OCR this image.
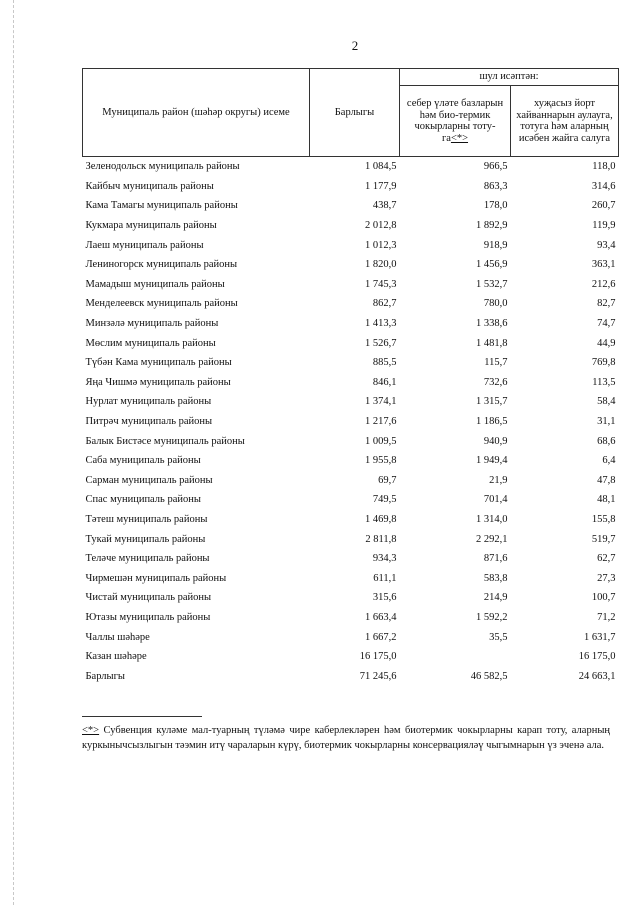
2
Муниципаль район (шәһәр округы) исеме	Барлыгы	шул исәптән:	
		себер үләте базларын һәм био-термик чокырларны тоту-га<*>	хуҗасыз йорт хайваннарын аулауга, тотуга һәм аларның исәбен жайга салуга
Зеленодольск муниципаль районы	1 084,5	966,5	118,0
Кайбыч муниципаль районы	1 177,9	863,3	314,6
Кама Тамагы муниципаль районы	438,7	178,0	260,7
Кукмара муниципаль районы	2 012,8	1 892,9	119,9
Лаеш муниципаль районы	1 012,3	918,9	93,4
Лениногорск муниципаль районы	1 820,0	1 456,9	363,1
Мамадыш муниципаль районы	1 745,3	1 532,7	212,6
Менделеевск муниципаль районы	862,7	780,0	82,7
Минзәлә муниципаль районы	1 413,3	1 338,6	74,7
Мөслим муниципаль районы	1 526,7	1 481,8	44,9
Түбән Кама муниципаль районы	885,5	115,7	769,8
Яңа Чишмә муниципаль районы	846,1	732,6	113,5
Нурлат муниципаль районы	1 374,1	1 315,7	58,4
Питрәч муниципаль районы	1 217,6	1 186,5	31,1
Балык Бистәсе муниципаль районы	1 009,5	940,9	68,6
Саба муниципаль районы	1 955,8	1 949,4	6,4
Сарман муниципаль районы	69,7	21,9	47,8
Спас муниципаль районы	749,5	701,4	48,1
Тәтеш муниципаль районы	1 469,8	1 314,0	155,8
Тукай муниципаль районы	2 811,8	2 292,1	519,7
Теләче муниципаль районы	934,3	871,6	62,7
Чирмешән муниципаль районы	611,1	583,8	27,3
Чистай муниципаль районы	315,6	214,9	100,7
Ютазы муниципаль районы	1 663,4	1 592,2	71,2
Чаллы шәһәре	1 667,2	35,5	1 631,7
Казан шәһәре	16 175,0		16 175,0
Барлыгы	71 245,6	46 582,5	24 663,1
<*> Субвенция куләме мал-туарның түләмә чире каберлекләрен һәм биотермик чокырларны карап тоту, аларның куркынычсызлыгын тәэмин итү чараларын күрү, биотермик чокырларны консервацияләү чыгымнарын үз эченә ала.
